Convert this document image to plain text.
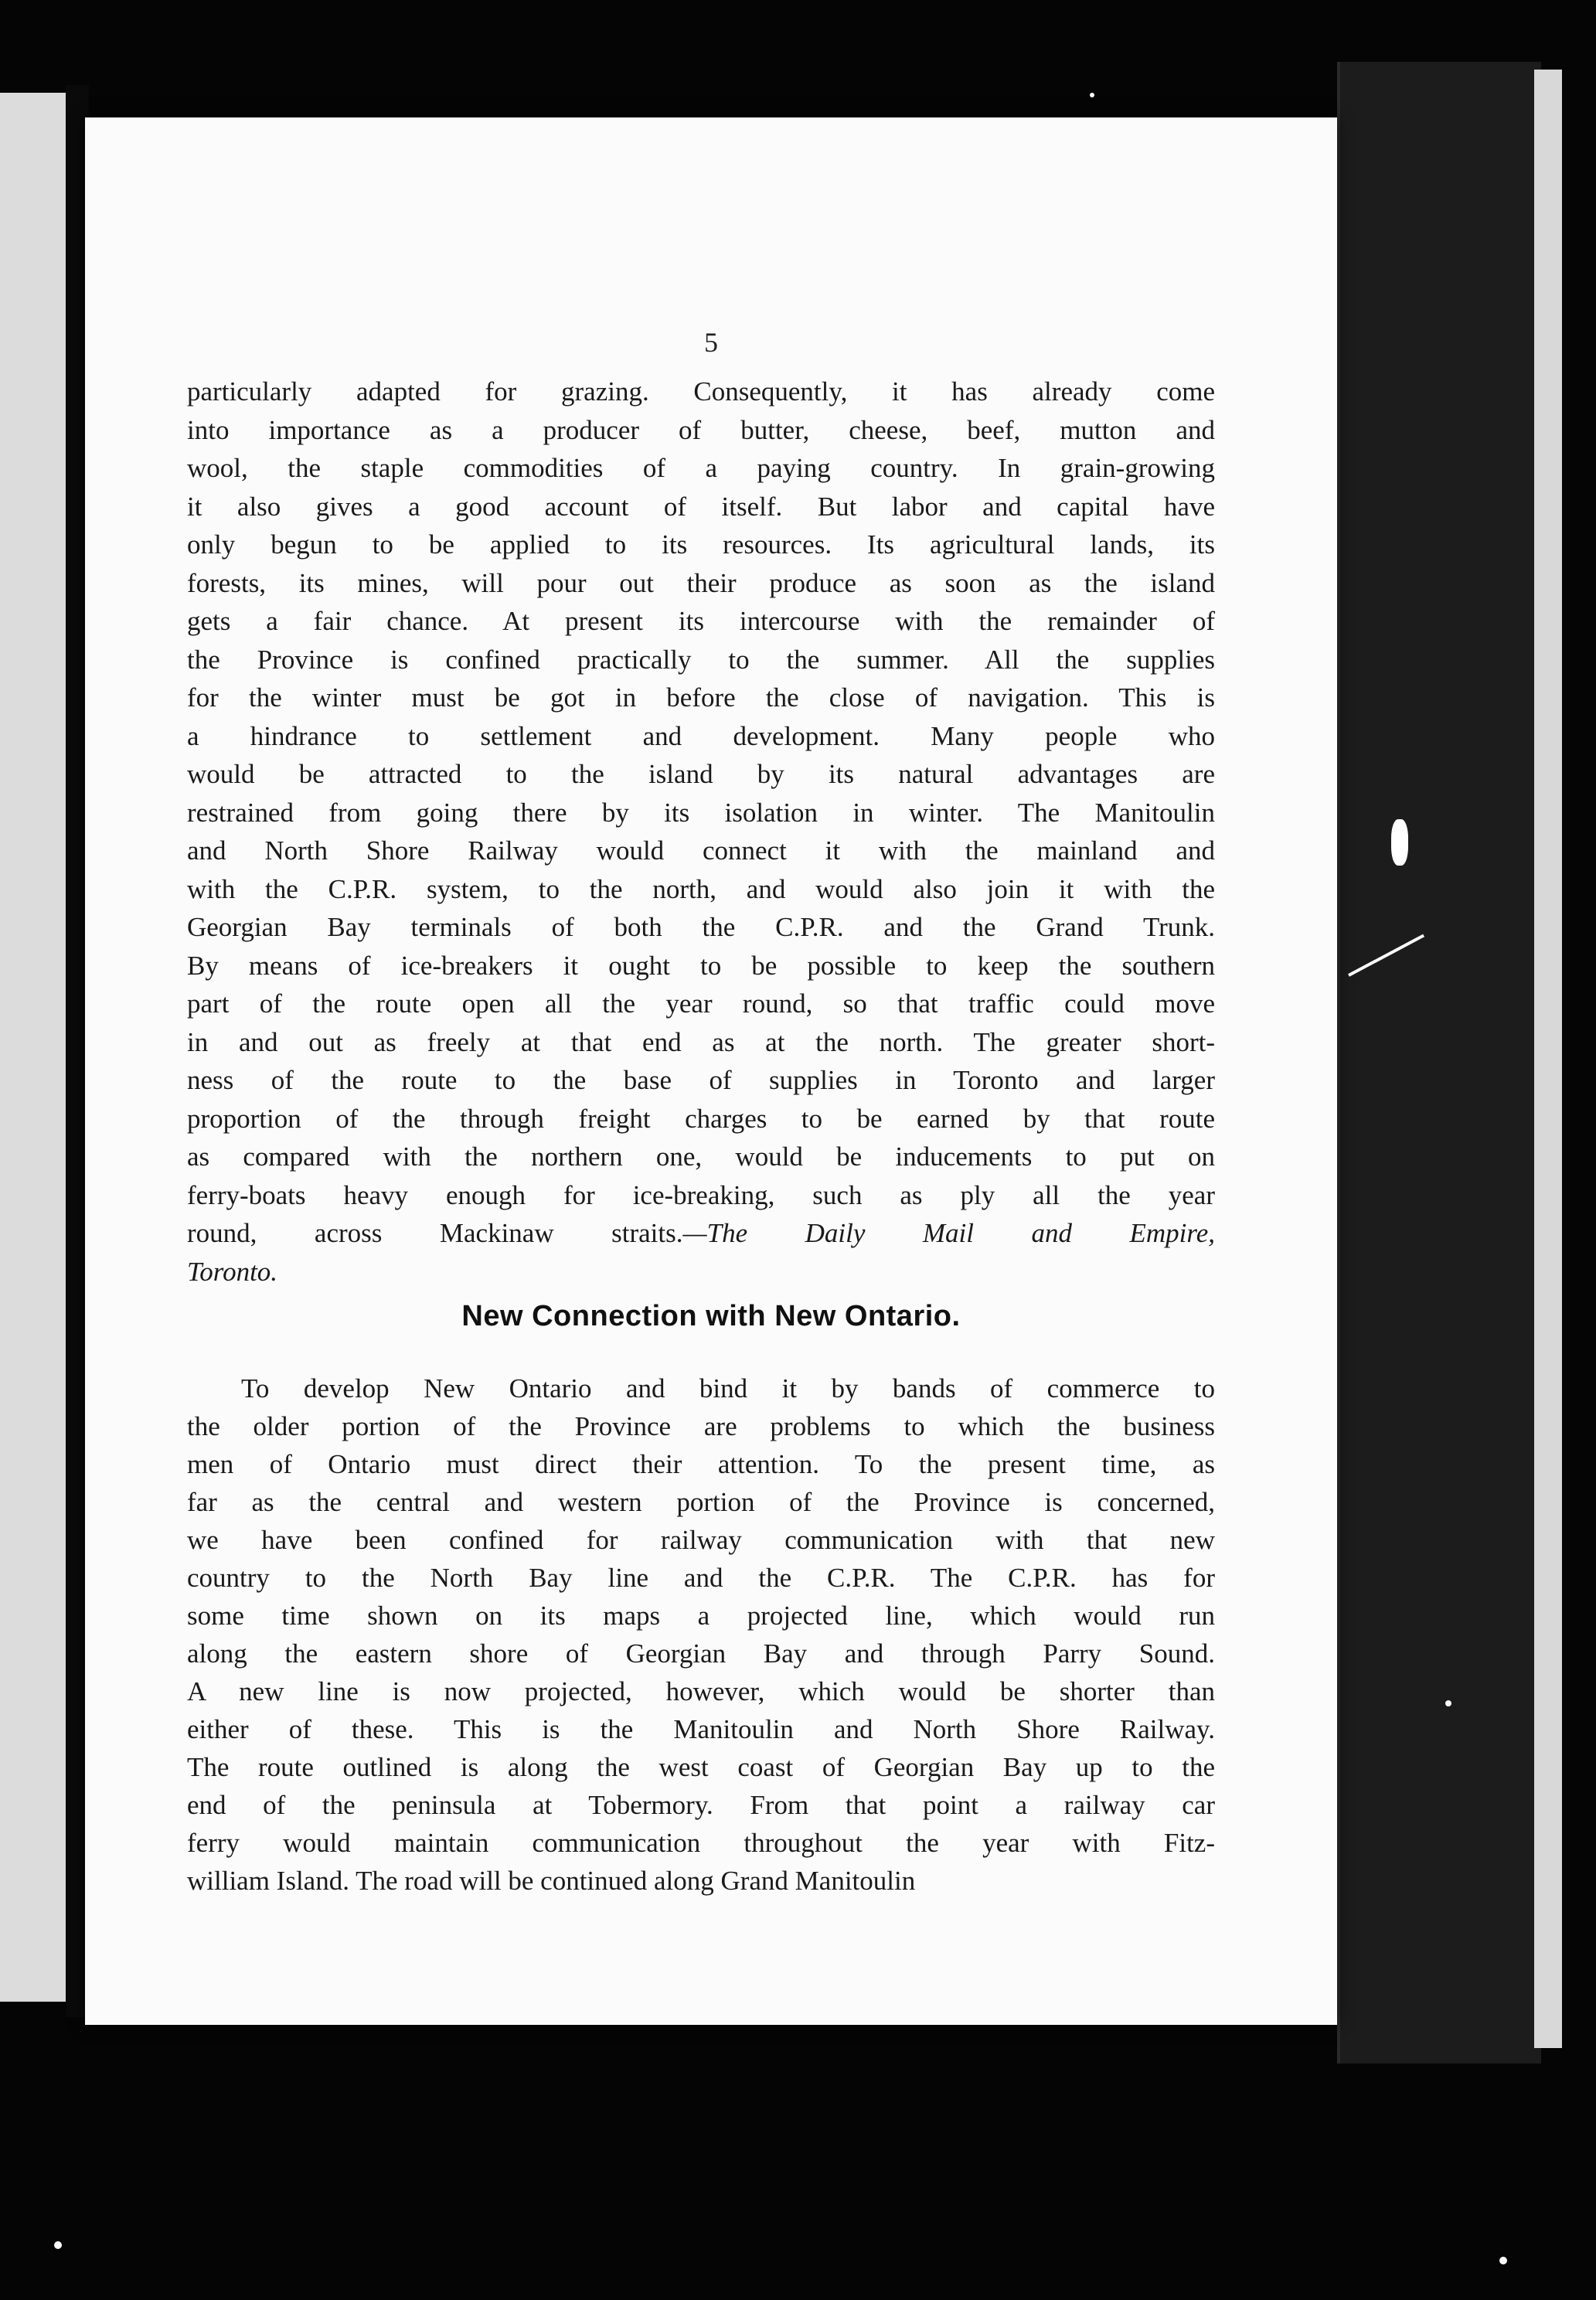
5
particularly adapted for grazing. Consequently, it has already come
into importance as a producer of butter, cheese, beef, mutton and
wool, the staple commodities of a paying country. In grain-growing
it also gives a good account of itself. But labor and capital have
only begun to be applied to its resources. Its agricultural lands, its
forests, its mines, will pour out their produce as soon as the island
gets a fair chance. At present its intercourse with the remainder of
the Province is confined practically to the summer. All the supplies
for the winter must be got in before the close of navigation. This is
a hindrance to settlement and development. Many people who
would be attracted to the island by its natural advantages are
restrained from going there by its isolation in winter. The Manitoulin
and North Shore Railway would connect it with the mainland and
with the C.P.R. system, to the north, and would also join it with the
Georgian Bay terminals of both the C.P.R. and the Grand Trunk.
By means of ice-breakers it ought to be possible to keep the southern
part of the route open all the year round, so that traffic could move
in and out as freely at that end as at the north. The greater short-
ness of the route to the base of supplies in Toronto and larger
proportion of the through freight charges to be earned by that route
as compared with the northern one, would be inducements to put on
ferry-boats heavy enough for ice-breaking, such as ply all the year
round, across Mackinaw straits.—The Daily Mail and Empire,
Toronto.
New Connection with New Ontario.
To develop New Ontario and bind it by bands of commerce to
the older portion of the Province are problems to which the business
men of Ontario must direct their attention. To the present time, as
far as the central and western portion of the Province is concerned,
we have been confined for railway communication with that new
country to the North Bay line and the C.P.R. The C.P.R. has for
some time shown on its maps a projected line, which would run
along the eastern shore of Georgian Bay and through Parry Sound.
A new line is now projected, however, which would be shorter than
either of these. This is the Manitoulin and North Shore Railway.
The route outlined is along the west coast of Georgian Bay up to the
end of the peninsula at Tobermory. From that point a railway car
ferry would maintain communication throughout the year with Fitz-
william Island. The road will be continued along Grand Manitoulin
